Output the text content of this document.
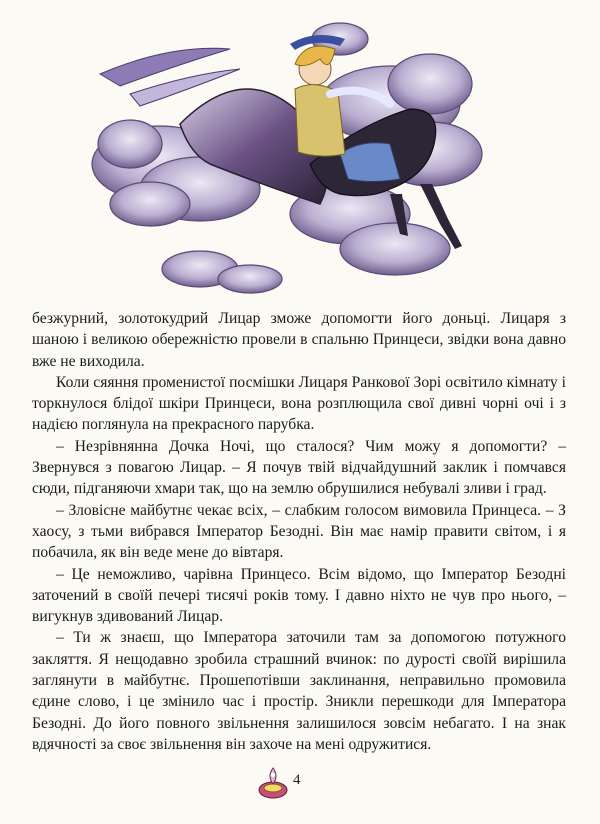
безжурний, золотокудрий Лицар зможе допомогти його доньці. Лицаря з шаною і великою обережністю провели в спальню Принцеси, звідки вона давно вже не виходила.

Коли сяяння променистої посмішки Лицаря Ранкової Зорі освітило кімнату і торкнулося блідої шкіри Принцеси, вона розплющила свої дивні чорні очі і з надією поглянула на прекрасного парубка.

– Незрівнянна Дочка Ночі, що сталося? Чим можу я допомогти? – Звернувся з повагою Лицар. – Я почув твій відчайдушний заклик і помчався сюди, підганяючи хмари так, що на землю обрушилися небувалі зливи і град.

– Зловісне майбутнє чекає всіх, – слабким голосом вимовила Принцеса. – З хаосу, з тьми вибрався Імператор Безодні. Він має намір правити світом, і я побачила, як він веде мене до вівтаря.

– Це неможливо, чарівна Принцесо. Всім відомо, що Імператор Безодні заточений в своїй печері тисячі років тому. І давно ніхто не чув про нього, – вигукнув здивований Лицар.

– Ти ж знаєш, що Імператора заточили там за допомогою потужного закляття. Я нещодавно зробила страшний вчинок: по дурості своїй вирішила заглянути в майбутнє. Прошепотівши заклинання, неправильно промовила єдине слово, і це змінило час і простір. Зникли перешкоди для Імператора Безодні. До його повного звільнення залишилося зовсім небагато. І на знак вдячності за своє звільнення він захоче на мені одружитися.

4
